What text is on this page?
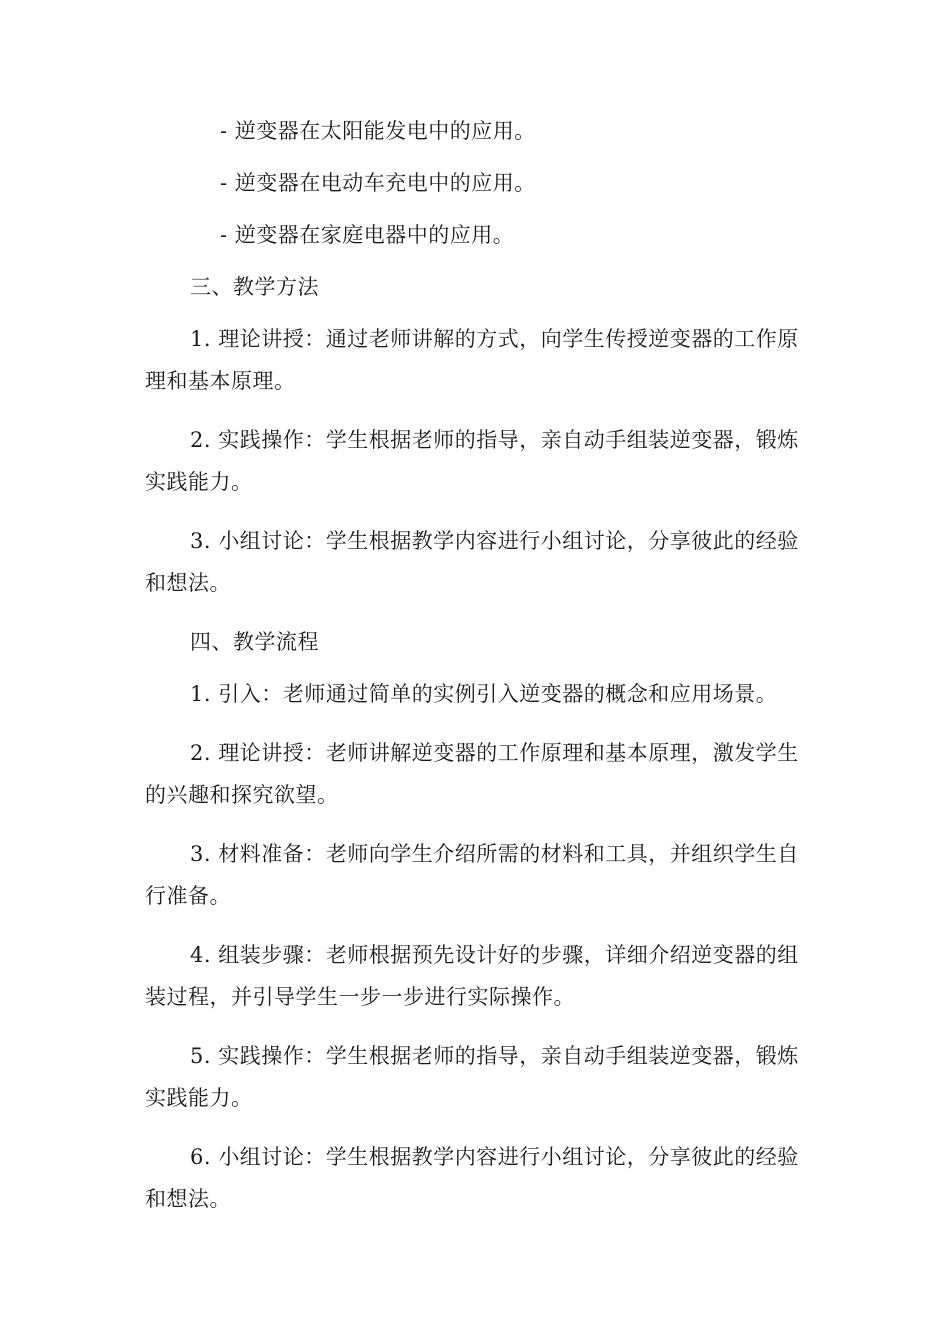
- 逆变器在太阳能发电中的应用。

- 逆变器在电动车充电中的应用。

- 逆变器在家庭电器中的应用。

三、教学方法

1. 理论讲授：通过老师讲解的方式，向学生传授逆变器的工作原理和基本原理。

2. 实践操作：学生根据老师的指导，亲自动手组装逆变器，锻炼实践能力。

3. 小组讨论：学生根据教学内容进行小组讨论，分享彼此的经验和想法。

四、教学流程

1. 引入：老师通过简单的实例引入逆变器的概念和应用场景。

2. 理论讲授：老师讲解逆变器的工作原理和基本原理，激发学生的兴趣和探究欲望。

3. 材料准备：老师向学生介绍所需的材料和工具，并组织学生自行准备。

4. 组装步骤：老师根据预先设计好的步骤，详细介绍逆变器的组装过程，并引导学生一步一步进行实际操作。

5. 实践操作：学生根据老师的指导，亲自动手组装逆变器，锻炼实践能力。

6. 小组讨论：学生根据教学内容进行小组讨论，分享彼此的经验和想法。
